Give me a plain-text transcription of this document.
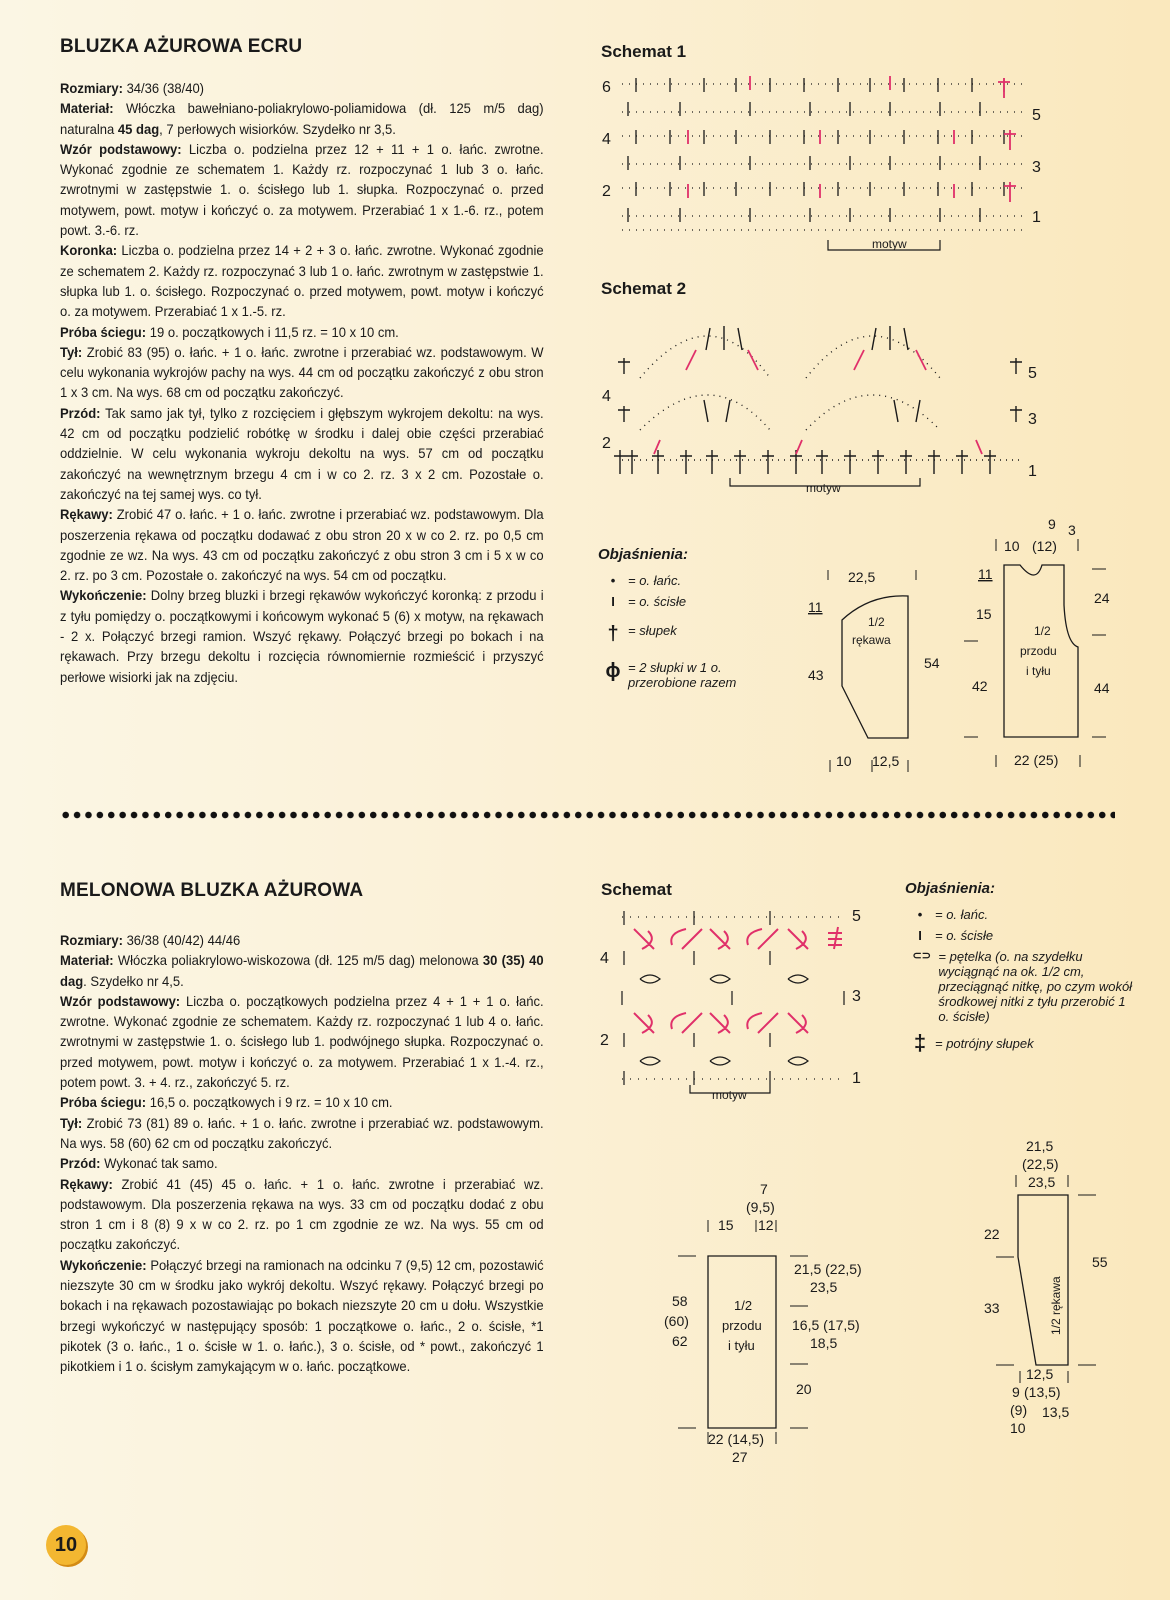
BLUZKA AŻUROWA ECRU

Rozmiary: 34/36 (38/40)

Materiał: Włóczka bawełniano-poliakrylowo-poliamidowa (dł. 125 m/5 dag) naturalna 45 dag, 7 perłowych wisiorków. Szydełko nr 3,5.

Wzór podstawowy: Liczba o. podzielna przez 12 + 11 + 1 o. łańc. zwrotne. Wykonać zgodnie ze schematem 1. Każdy rz. rozpoczynać 1 lub 3 o. łańc. zwrotnymi w zastępstwie 1. o. ścisłego lub 1. słupka. Rozpoczynać o. przed motywem, powt. motyw i kończyć o. za motywem. Przerabiać 1 x 1.-6. rz., potem powt. 3.-6. rz.

Koronka: Liczba o. podzielna przez 14 + 2 + 3 o. łańc. zwrotne. Wykonać zgodnie ze schematem 2. Każdy rz. rozpoczynać 3 lub 1 o. łańc. zwrotnym w zastępstwie 1. słupka lub 1. o. ścisłego. Rozpoczynać o. przed motywem, powt. motyw i kończyć o. za motywem. Przerabiać 1 x 1.-5. rz.

Próba ściegu: 19 o. początkowych i 11,5 rz. = 10 x 10 cm.

Tył: Zrobić 83 (95) o. łańc. + 1 o. łańc. zwrotne i przerabiać wz. podstawowym. W celu wykonania wykrojów pachy na wys. 44 cm od początku zakończyć z obu stron 1 x 3 cm. Na wys. 68 cm od początku zakończyć.

Przód: Tak samo jak tył, tylko z rozcięciem i głębszym wykrojem dekoltu: na wys. 42 cm od początku podzielić robótkę w środku i dalej obie części przerabiać oddzielnie. W celu wykonania wykroju dekoltu na wys. 57 cm od początku zakończyć na wewnętrznym brzegu 4 cm i w co 2. rz. 3 x 2 cm. Pozostałe o. zakończyć na tej samej wys. co tył.

Rękawy: Zrobić 47 o. łańc. + 1 o. łańc. zwrotne i przerabiać wz. podstawowym. Dla poszerzenia rękawa od początku dodawać z obu stron 20 x w co 2. rz. po 0,5 cm zgodnie ze wz. Na wys. 43 cm od początku zakończyć z obu stron 3 cm i 5 x w co 2. rz. po 3 cm. Pozostałe o. zakończyć na wys. 54 cm od początku.

Wykończenie: Dolny brzeg bluzki i brzegi rękawów wykończyć koronką: z przodu i z tyłu pomiędzy o. początkowymi i końcowym wykonać 5 (6) x motyw, na rękawach - 2 x. Połączyć brzegi ramion. Wszyć rękawy. Połączyć brzegi po bokach i na rękawach. Przy brzegu dekoltu i rozcięcia równomiernie rozmieścić i przyszyć perłowe wisiorki jak na zdjęciu.

Schemat 1
6
4
2
5
3
1
motyw
Schemat 2
4
2
5
3
1
motyw
Objaśnienia:
• = o. łańc.
I	= o. ścisłe
† = słupek
ɸ = 2 słupki w 1 o. przerobione razem
22,5
11
43
54
1/2
rękawa
10 12,5
9 3
10 (12)
11
15
42
24
44
1/2
przodu
i tyłu
22 (25)
MELONOWA BLUZKA AŻUROWA

Rozmiary: 36/38 (40/42) 44/46

Materiał: Włóczka poliakrylowo-wiskozowa (dł. 125 m/5 dag) melonowa 30 (35) 40 dag. Szydełko nr 4,5.

Wzór podstawowy: Liczba o. początkowych podzielna przez 4 + 1 + 1 o. łańc. zwrotne. Wykonać zgodnie ze schematem. Każdy rz. rozpoczynać 1 lub 4 o. łańc. zwrotnymi w zastępstwie 1. o. ścisłego lub 1. podwójnego słupka. Rozpoczynać o. przed motywem, powt. motyw i kończyć o. za motywem. Przerabiać 1 x 1.-4. rz., potem powt. 3. + 4. rz., zakończyć 5. rz.

Próba ściegu: 16,5 o. początkowych i 9 rz. = 10 x 10 cm.

Tył: Zrobić 73 (81) 89 o. łańc. + 1 o. łańc. zwrotne i przerabiać wz. podstawowym. Na wys. 58 (60) 62 cm od początku zakończyć.

Przód: Wykonać tak samo.

Rękawy: Zrobić 41 (45) 45 o. łańc. + 1 o. łańc. zwrotne i przerabiać wz. podstawowym. Dla poszerzenia rękawa na wys. 33 cm od początku dodać z obu stron 1 cm i 8 (8) 9 x w co 2. rz. po 1 cm zgodnie ze wz. Na wys. 55 cm od początku zakończyć.

Wykończenie: Połączyć brzegi na ramionach na odcinku 7 (9,5) 12 cm, pozostawić niezszyte 30 cm w środku jako wykrój dekoltu. Wszyć rękawy. Połączyć brzegi po bokach i na rękawach pozostawiając po bokach niezszyte 20 cm u dołu. Wszystkie brzegi wykończyć w następujący sposób: 1 początkowe o. łańc., 2 o. ścisłe, *1 pikotek (3 o. łańc., 1 o. ścisłe w 1. o. łańc.), 3 o. ścisłe, od * powt., zakończyć 1 pikotkiem i 1 o. ścisłym zamykającym w o. łańc. początkowe.

Schemat
4
2
5
3
1
motyw
Objaśnienia:
• = o. łańc.
I	= o. ścisłe
⊂⊃ = pętelka (o. na szydełku wyciągnąć na ok. 1/2 cm, przeciągnąć nitkę, po czym wokół środkowej nitki z tyłu przerobić 1 o. ścisłe)
‡ = potrójny słupek
7
(9,5)
15 12
58
(60)
62
1/2
przodu
i tyłu
21,5 (22,5)
23,5
16,5 (17,5)
18,5
20
22 (14,5)
27
21,5
(22,5)
23,5
22
33
55
12,5
9 (13,5)
(9) 13,5
10
1/2 rękawa
10
